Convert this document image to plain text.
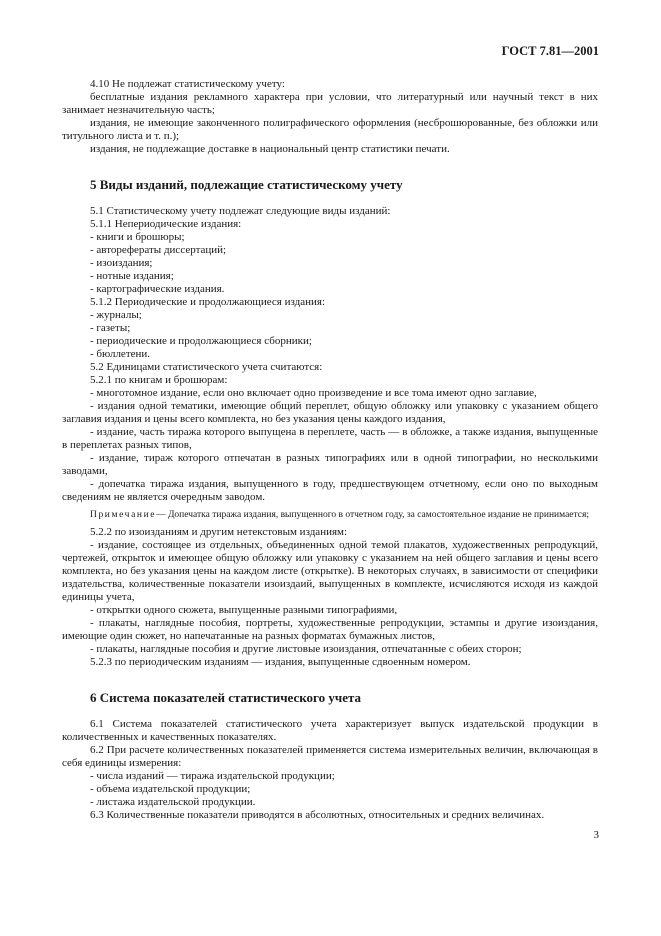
ГОСТ 7.81—2001

4.10 Не подлежат статистическому учету:

бесплатные издания рекламного характера при условии, что литературный или научный текст в них занимает незначительную часть;

издания, не имеющие законченного полиграфического оформления (несброшюрованные, без обложки или титульного листа и т. п.);

издания, не подлежащие доставке в национальный центр статистики печати.

5 Виды изданий, подлежащие статистическому учету

5.1 Статистическому учету подлежат следующие виды изданий:

5.1.1 Непериодические издания:

- книги и брошюры;

- авторефераты диссертаций;

- изоиздания;

- нотные издания;

- картографические издания.

5.1.2 Периодические и продолжающиеся издания:

- журналы;

- газеты;

- периодические и продолжающиеся сборники;

- бюллетени.

5.2 Единицами статистического учета считаются:

5.2.1 по книгам и брошюрам:

- многотомное издание, если оно включает одно произведение и все тома имеют одно заглавие,

- издания одной тематики, имеющие общий переплет, общую обложку или упаковку с указанием общего заглавия издания и цены всего комплекта, но без указания цены каждого издания,

- издание, часть тиража которого выпущена в переплете, часть — в обложке, а также издания, выпущенные в переплетах разных типов,

- издание, тираж которого отпечатан в разных типографиях или в одной типографии, но несколькими заводами,

- допечатка тиража издания, выпущенного в году, предшествующем отчетному, если оно по выходным сведениям не является очередным заводом.

Примечание— Допечатка тиража издания, выпущенного в отчетном году, за самостоятельное издание не принимается;

5.2.2 по изоизданиям и другим нетекстовым изданиям:

- издание, состоящее из отдельных, объединенных одной темой плакатов, художественных репродукций, чертежей, открыток и имеющее общую обложку или упаковку с указанием на ней общего заглавия и цены всего комплекта, но без указания цены на каждом листе (открытке). В некоторых случаях, в зависимости от специфики издательства, количественные показатели изоиздаий, выпущенных в комплекте, исчисляются исходя из каждой единицы учета,

- открытки одного сюжета, выпущенные разными типографиями,

- плакаты, наглядные пособия, портреты, художественные репродукции, эстампы и другие изоиздания, имеющие один сюжет, но напечатанные на разных форматах бумажных листов,

- плакаты, наглядные пособия и другие листовые изоиздания, отпечатанные с обеих сторон;

5.2.3 по периодическим изданиям — издания, выпущенные сдвоенным номером.

6 Система показателей статистического учета

6.1 Система показателей статистического учета характеризует выпуск издательской продукции в количественных и качественных показателях.

6.2 При расчете количественных показателей применяется система измерительных величин, включающая в себя единицы измерения:

- числа изданий — тиража издательской продукции;

- объема издательской продукции;

- листажа издательской продукции.

6.3 Количественные показатели приводятся в абсолютных, относительных и средних величинах.

3
